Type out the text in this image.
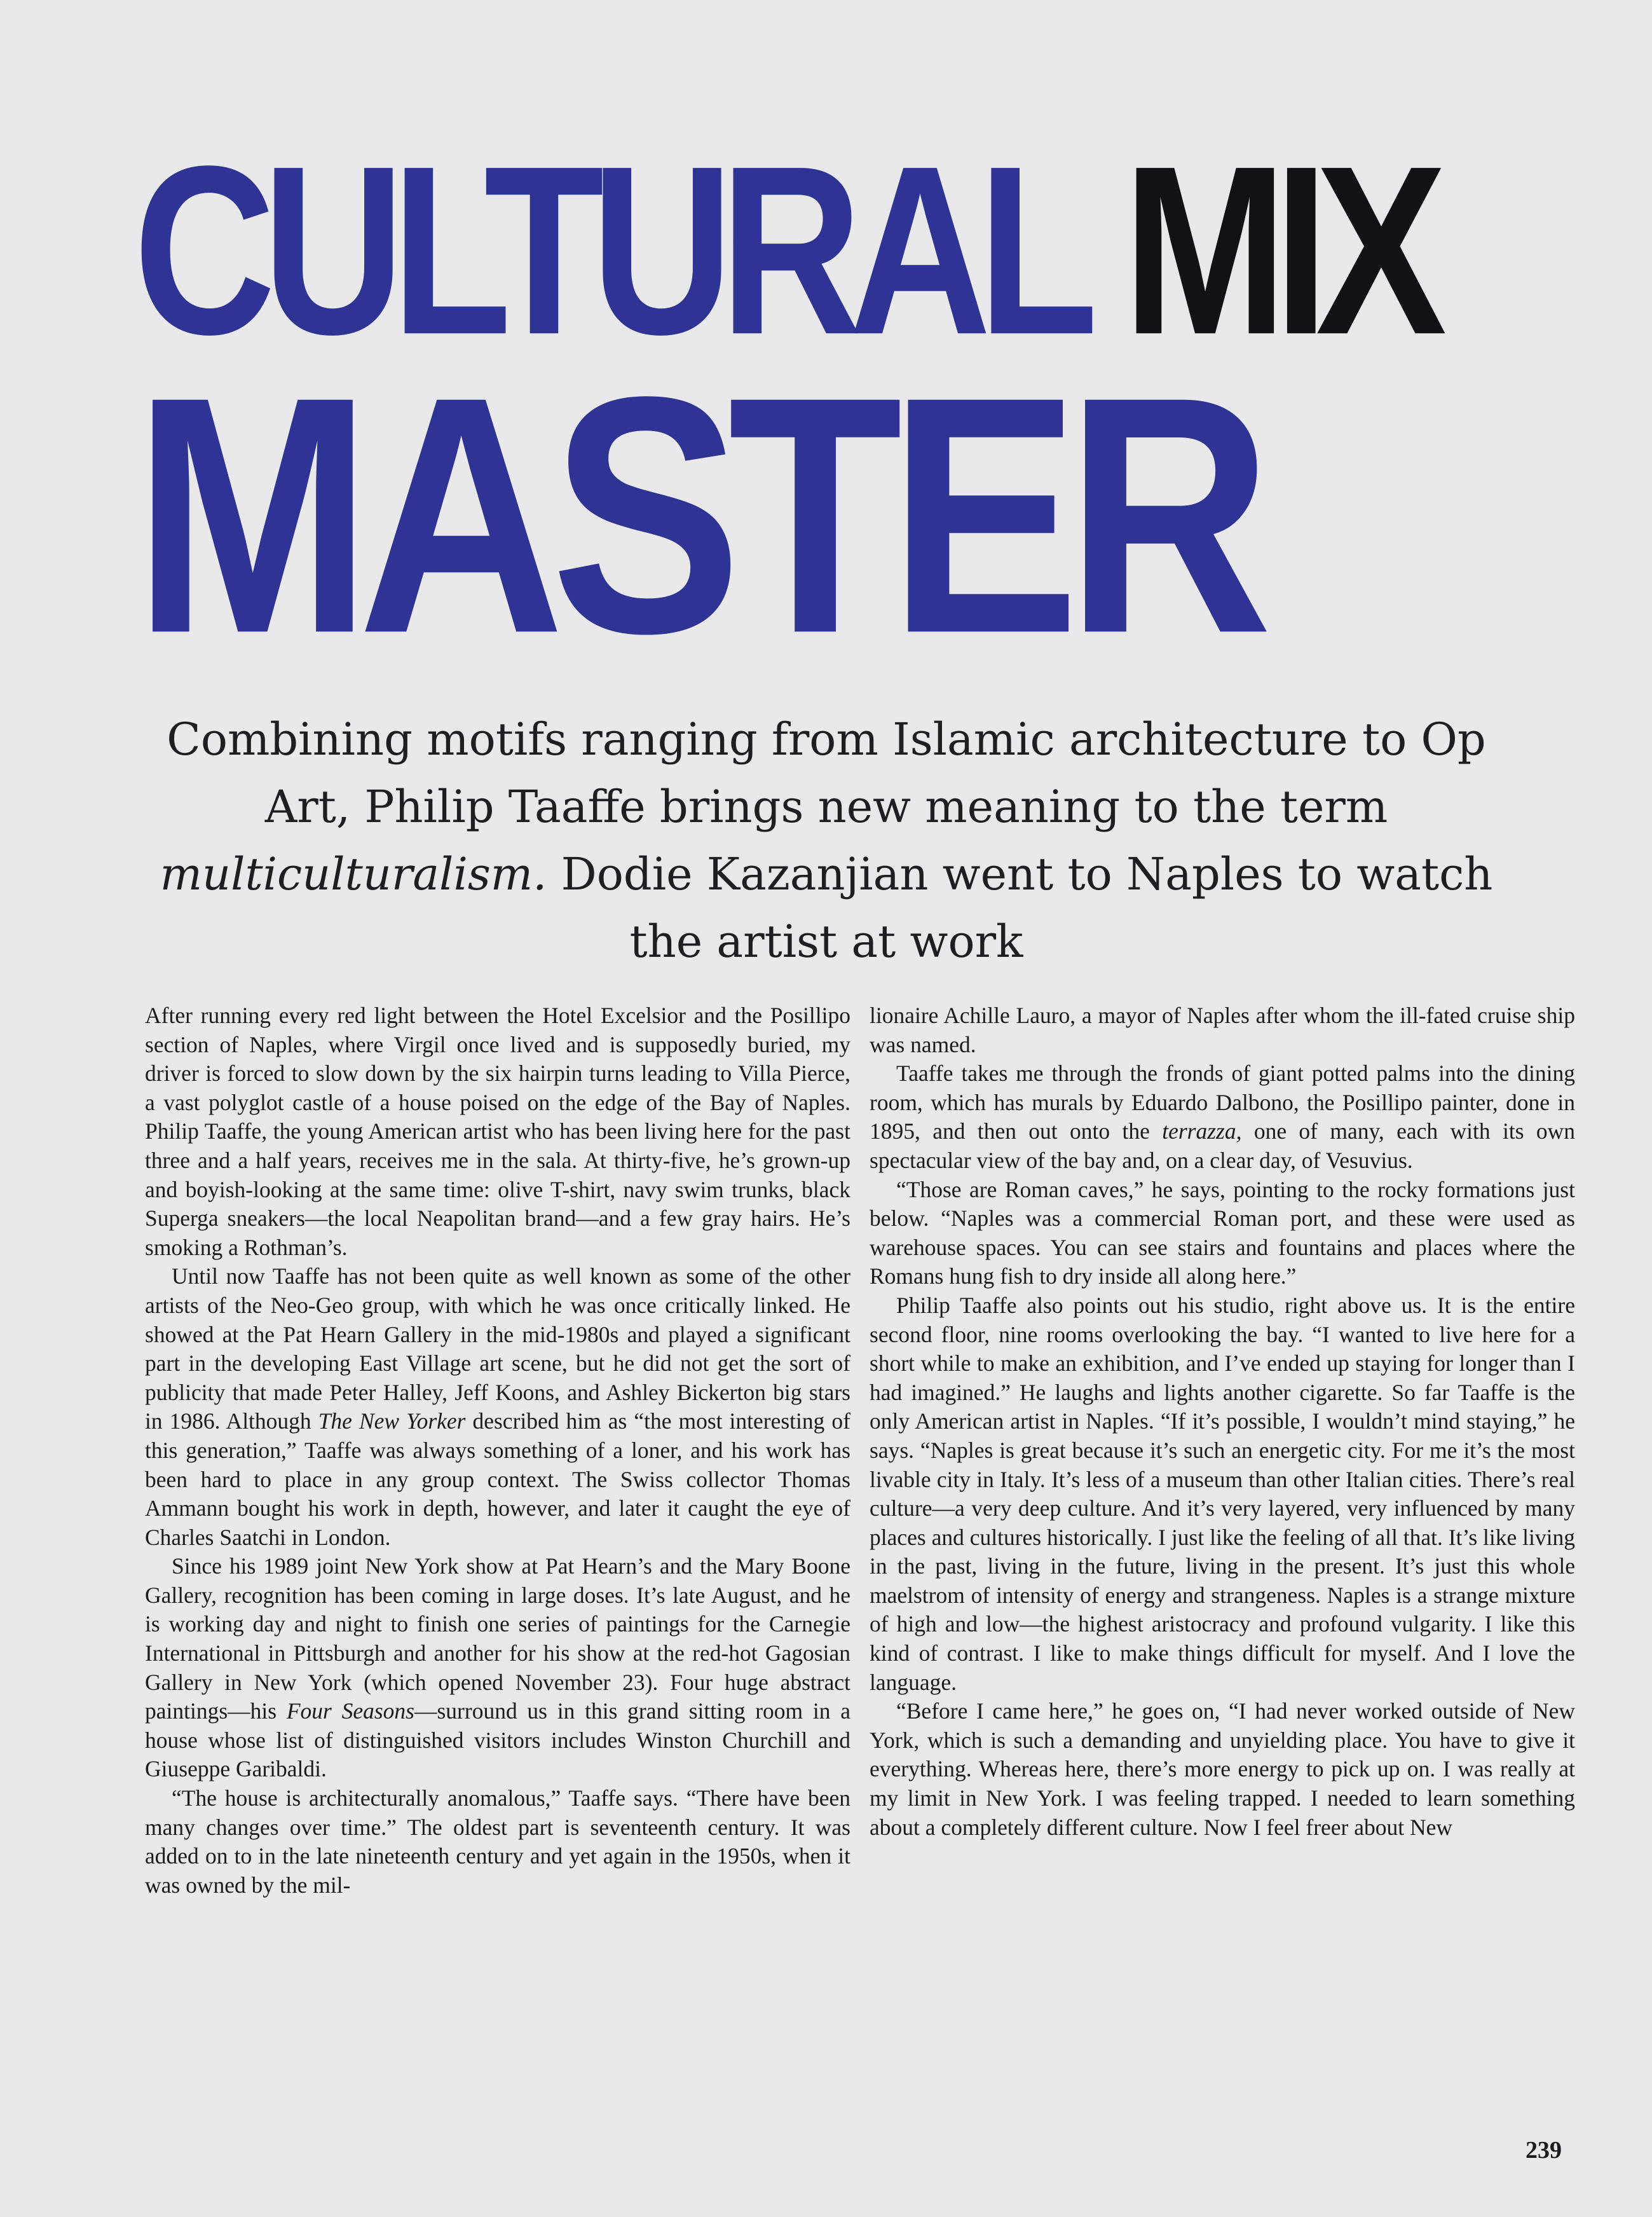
CULTURAL MIX
MASTER
Combining motifs ranging from Islamic architecture to Op Art, Philip Taaffe brings new meaning to the term multiculturalism. Dodie Kazanjian went to Naples to watch the artist at work

After running every red light between the Hotel Excelsior and the Posillipo section of Naples, where Virgil once lived and is supposedly buried, my driver is forced to slow down by the six hairpin turns leading to Villa Pierce, a vast polyglot castle of a house poised on the edge of the Bay of Naples. Philip Taaffe, the young American artist who has been living here for the past three and a half years, receives me in the sala. At thirty-five, he’s grown-up and boyish-looking at the same time: olive T-shirt, navy swim trunks, black Superga sneakers—the local Neapolitan brand—and a few gray hairs. He’s smoking a Rothman’s.

Until now Taaffe has not been quite as well known as some of the other artists of the Neo-Geo group, with which he was once critically linked. He showed at the Pat Hearn Gallery in the mid-1980s and played a significant part in the developing East Village art scene, but he did not get the sort of publicity that made Peter Halley, Jeff Koons, and Ashley Bickerton big stars in 1986. Although The New Yorker described him as “the most interesting of this generation,” Taaffe was always something of a loner, and his work has been hard to place in any group context. The Swiss collector Thomas Ammann bought his work in depth, however, and later it caught the eye of Charles Saatchi in London.

Since his 1989 joint New York show at Pat Hearn’s and the Mary Boone Gallery, recognition has been coming in large doses. It’s late August, and he is working day and night to finish one series of paintings for the Carnegie International in Pittsburgh and another for his show at the red-hot Gagosian Gallery in New York (which opened November 23). Four huge abstract paintings—his Four Seasons—surround us in this grand sitting room in a house whose list of distinguished visitors includes Winston Churchill and Giuseppe Garibaldi.

“The house is architecturally anomalous,” Taaffe says. “There have been many changes over time.” The oldest part is seventeenth century. It was added on to in the late nineteenth century and yet again in the 1950s, when it was owned by the mil-

lionaire Achille Lauro, a mayor of Naples after whom the ill-fated cruise ship was named.

Taaffe takes me through the fronds of giant potted palms into the dining room, which has murals by Eduardo Dalbono, the Posillipo painter, done in 1895, and then out onto the terrazza, one of many, each with its own spectacular view of the bay and, on a clear day, of Vesuvius.

“Those are Roman caves,” he says, pointing to the rocky formations just below. “Naples was a commercial Roman port, and these were used as warehouse spaces. You can see stairs and fountains and places where the Romans hung fish to dry inside all along here.”

Philip Taaffe also points out his studio, right above us. It is the entire second floor, nine rooms overlooking the bay. “I wanted to live here for a short while to make an exhibition, and I’ve ended up staying for longer than I had imagined.” He laughs and lights another cigarette. So far Taaffe is the only American artist in Naples. “If it’s possible, I wouldn’t mind staying,” he says. “Naples is great because it’s such an energetic city. For me it’s the most livable city in Italy. It’s less of a museum than other Italian cities. There’s real culture—a very deep culture. And it’s very layered, very influenced by many places and cultures historically. I just like the feeling of all that. It’s like living in the past, living in the future, living in the present. It’s just this whole maelstrom of intensity of energy and strangeness. Naples is a strange mixture of high and low—the highest aristocracy and profound vulgarity. I like this kind of contrast. I like to make things difficult for myself. And I love the language.

“Before I came here,” he goes on, “I had never worked outside of New York, which is such a demanding and unyielding place. You have to give it everything. Whereas here, there’s more energy to pick up on. I was really at my limit in New York. I was feeling trapped. I needed to learn something about a completely different culture. Now I feel freer about New

239
